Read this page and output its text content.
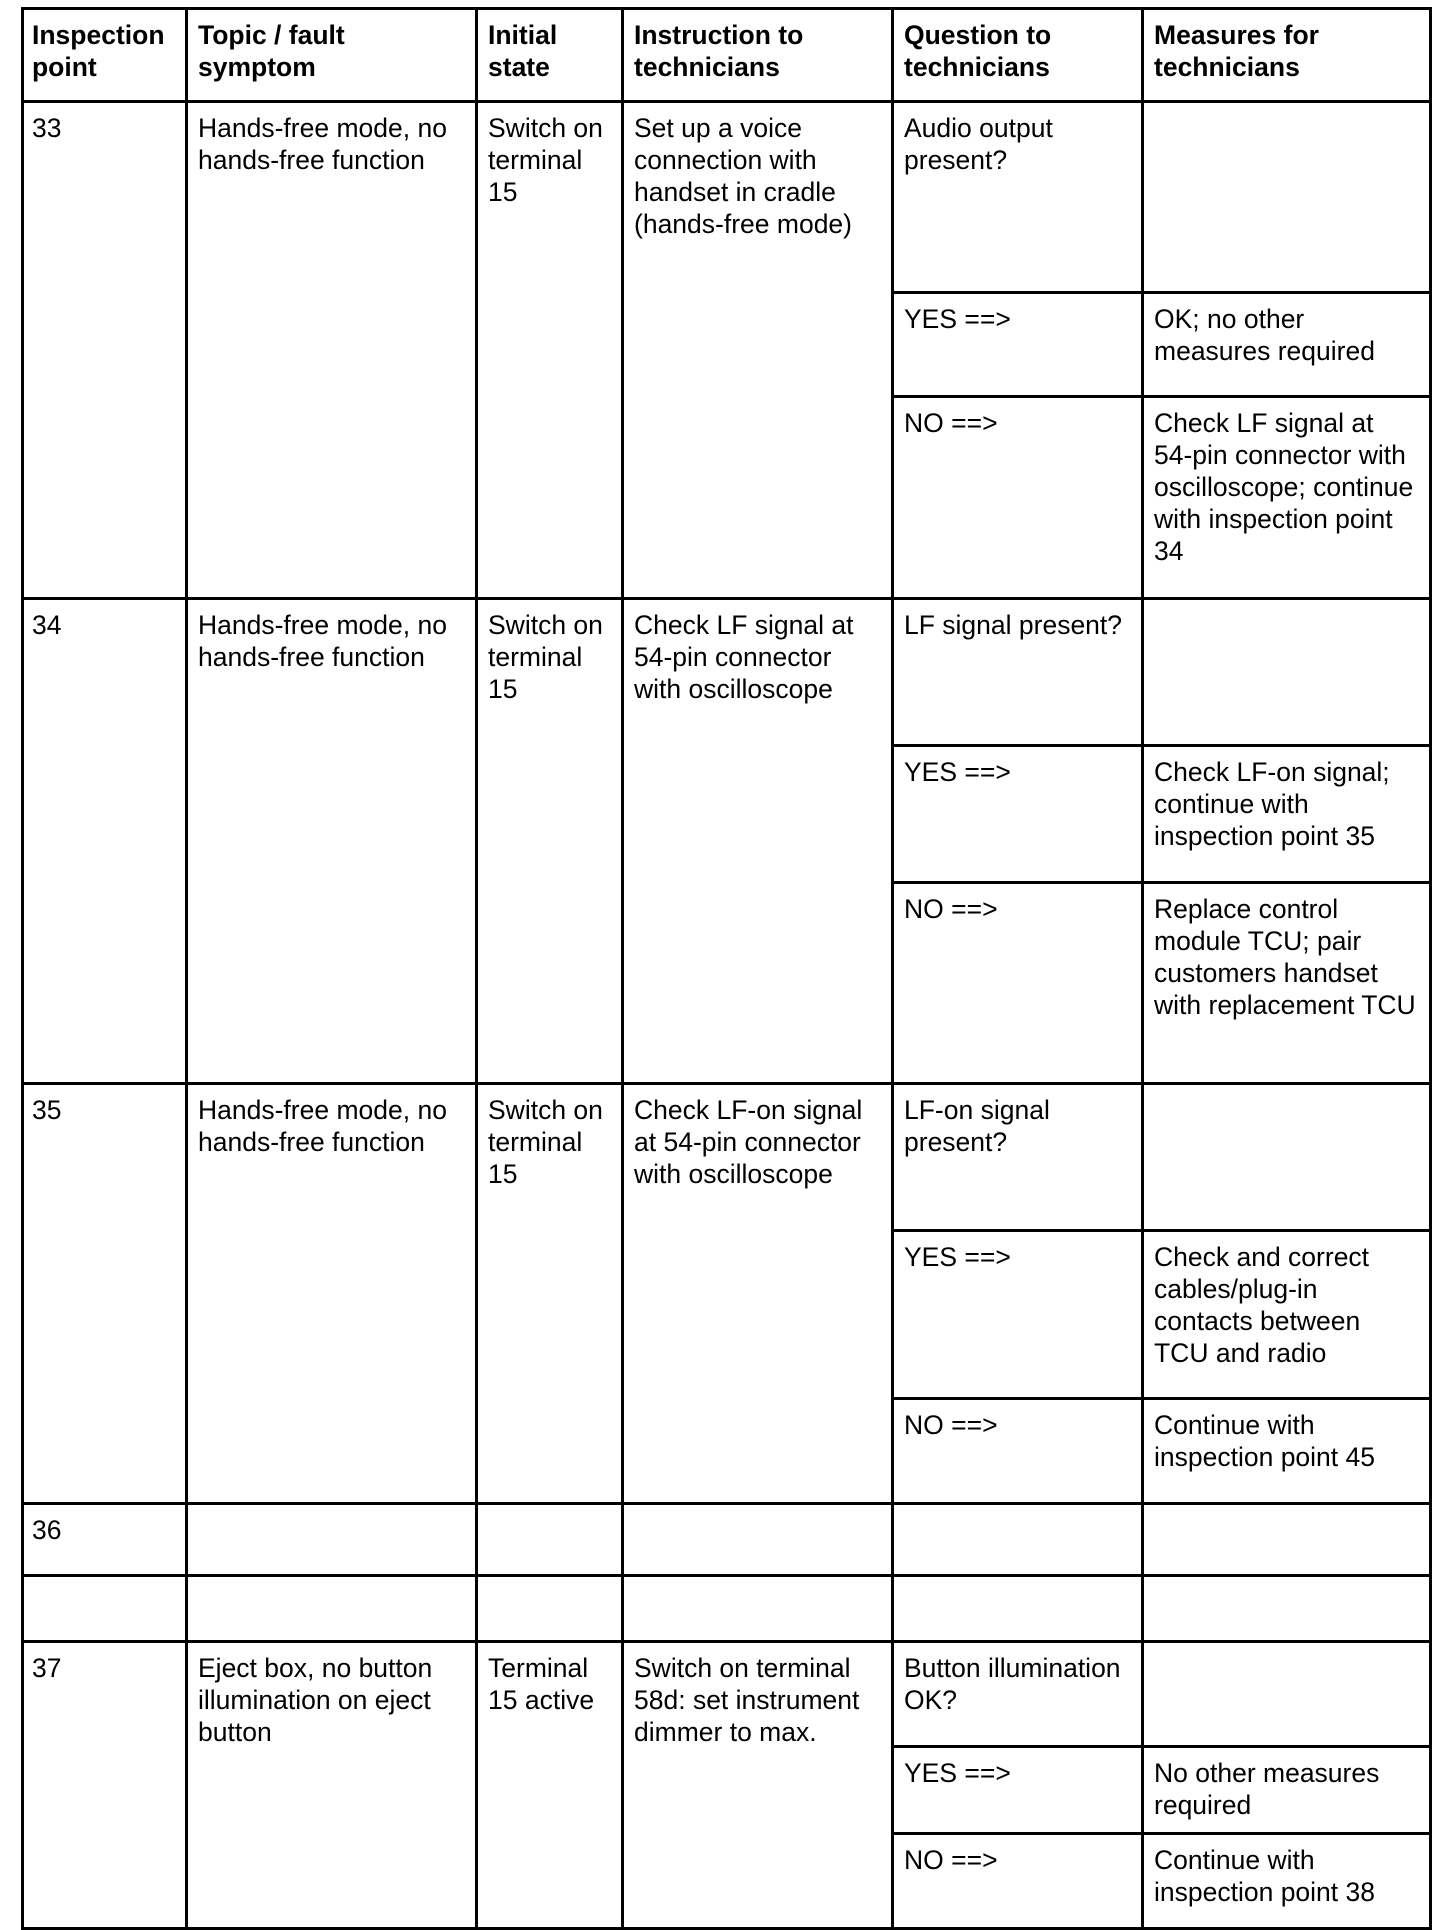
Inspection point	Topic / fault symptom	Initial state	Instruction to technicians	Question to technicians	Measures for technicians
33	Hands-free mode, no hands-free function	Switch on terminal 15	Set up a voice connection with handset in cradle (hands-free mode)	Audio output present?	
				YES ==>	OK; no other measures required
				NO ==>	Check LF signal at 54-pin connector with oscilloscope; continue with inspection point 34
34	Hands-free mode, no hands-free function	Switch on terminal 15	Check LF signal at 54-pin connector with oscilloscope	LF signal present?	
				YES ==>	Check LF-on signal; continue with inspection point 35
				NO ==>	Replace control module TCU; pair customers handset with replacement TCU
35	Hands-free mode, no hands-free function	Switch on terminal 15	Check LF-on signal at 54-pin connector with oscilloscope	LF-on signal present?	
				YES ==>	Check and correct cables/plug-in contacts between TCU and radio
				NO ==>	Continue with inspection point 45
36					

37	Eject box, no button illumination on eject button	Terminal 15 active	Switch on terminal 58d: set instrument dimmer to max.	Button illumination OK?	
				YES ==>	No other measures required
				NO ==>	Continue with inspection point 38
